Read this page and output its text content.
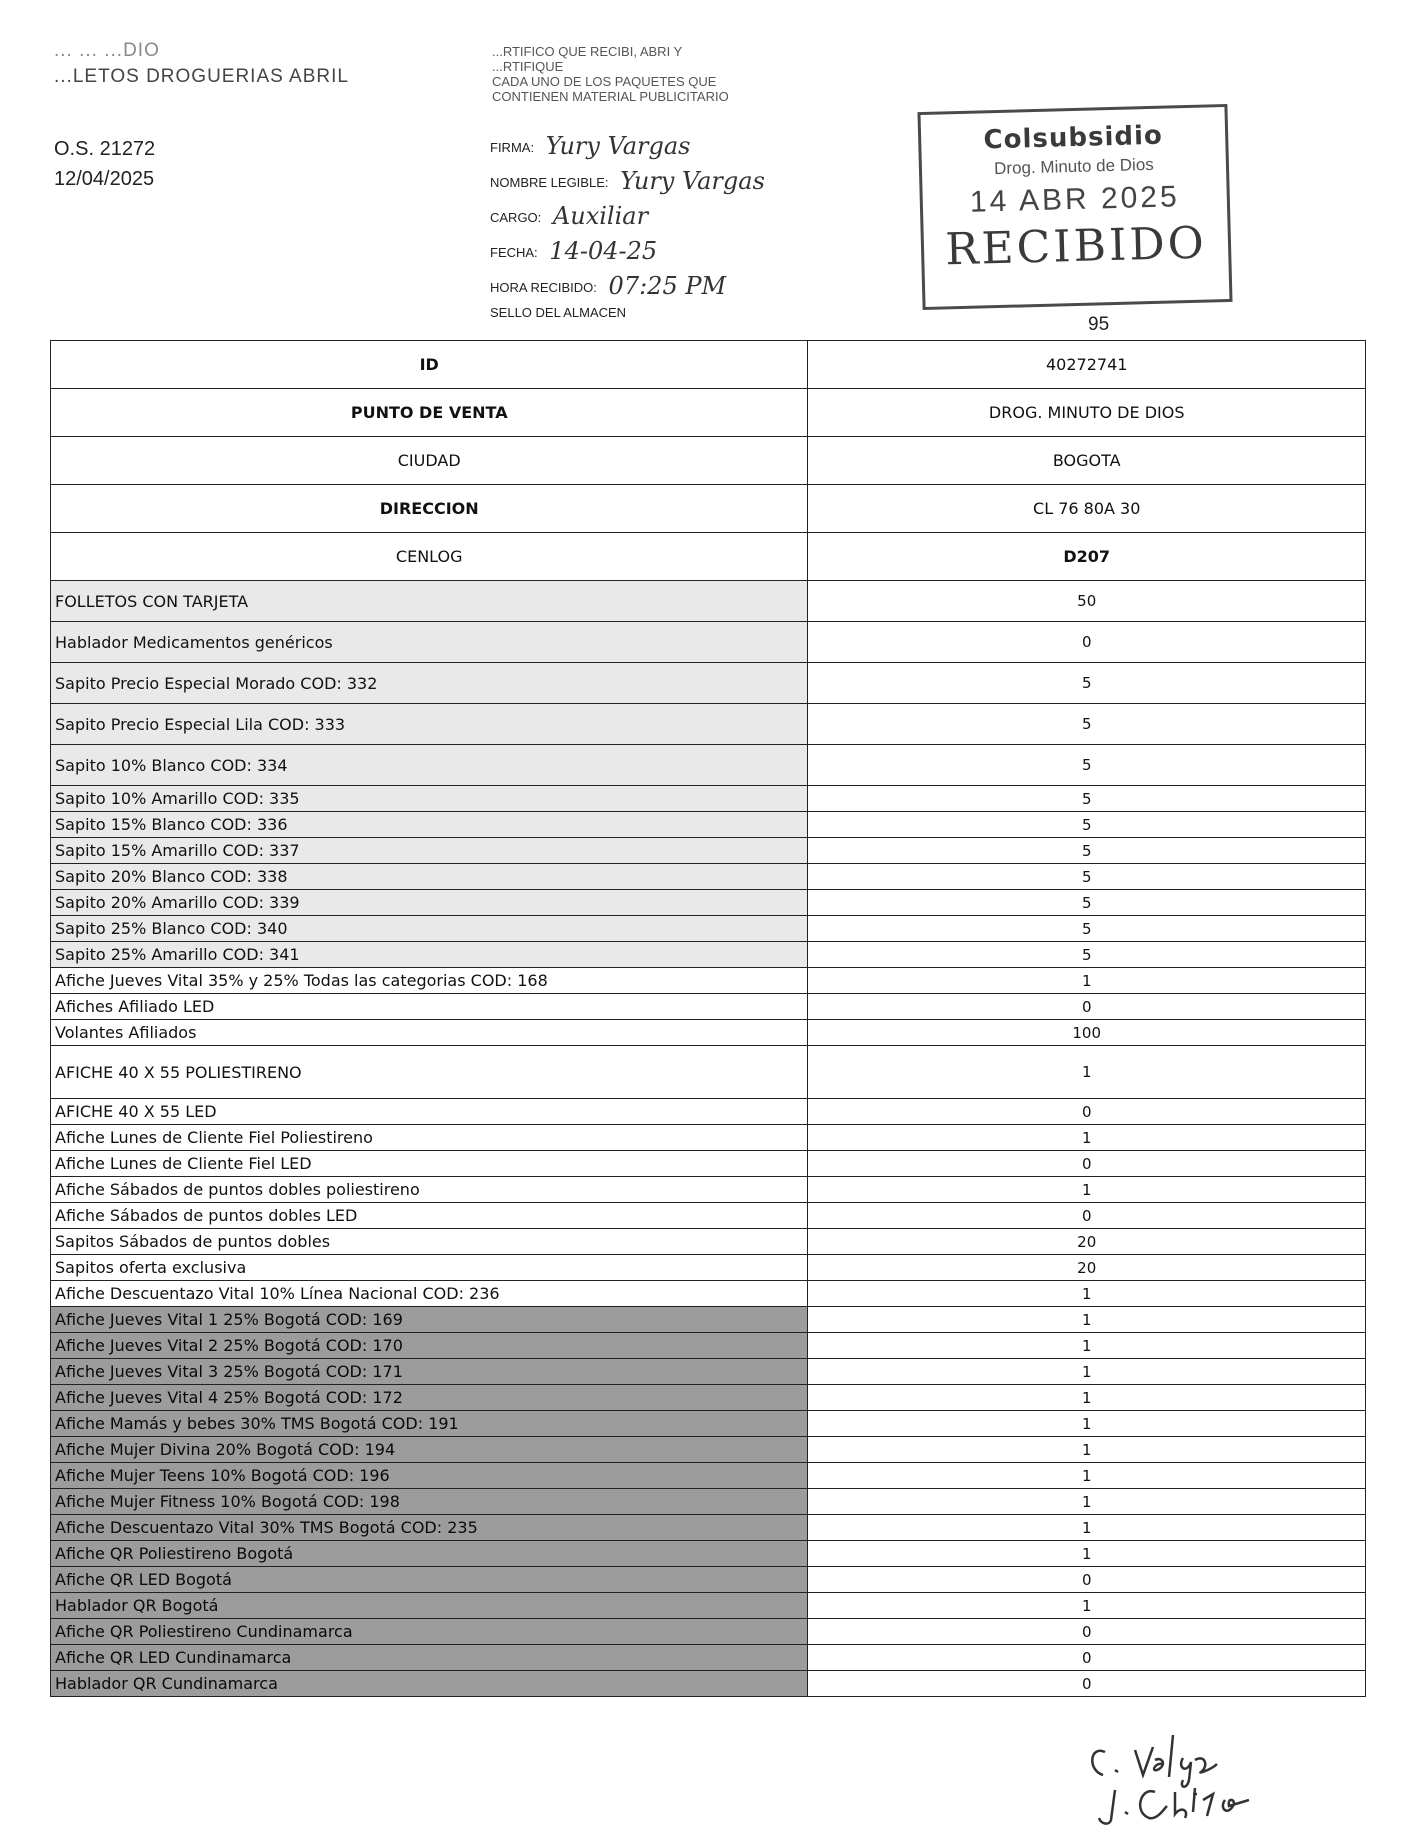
... ... ...DIO
...LETOS DROGUERIAS ABRIL
O.S. 21272
12/04/2025
...RTIFICO QUE RECIBI, ABRI Y
...RTIFIQUE
CADA UNO DE LOS PAQUETES QUE
CONTIENEN MATERIAL PUBLICITARIO
FIRMA: Yury Vargas
NOMBRE LEGIBLE: Yury Vargas
CARGO: Auxiliar
FECHA: 14-04-25
HORA RECIBIDO: 07:25 PM
SELLO DEL ALMACEN
Colsubsidio
Drog. Minuto de Dios
14 ABR 2025
RECIBIDO
95
ID	40272741
PUNTO DE VENTA	DROG. MINUTO DE DIOS
CIUDAD	BOGOTA
DIRECCION	CL 76 80A 30
CENLOG	D207
FOLLETOS CON TARJETA	50
Hablador Medicamentos genéricos	0
Sapito Precio Especial Morado COD: 332	5
Sapito Precio Especial Lila COD: 333	5
Sapito 10% Blanco COD: 334	5
Sapito 10% Amarillo COD: 335	5
Sapito 15% Blanco COD: 336	5
Sapito 15% Amarillo COD: 337	5
Sapito 20% Blanco COD: 338	5
Sapito 20% Amarillo COD: 339	5
Sapito 25% Blanco COD: 340	5
Sapito 25% Amarillo COD: 341	5
Afiche Jueves Vital 35% y 25% Todas las categorias COD: 168	1
Afiches Afiliado LED	0
Volantes Afiliados	100
AFICHE 40 X 55 POLIESTIRENO	1
AFICHE 40 X 55 LED	0
Afiche Lunes de Cliente Fiel Poliestireno	1
Afiche Lunes de Cliente Fiel LED	0
Afiche Sábados de puntos dobles poliestireno	1
Afiche Sábados de puntos dobles LED	0
Sapitos Sábados de puntos dobles	20
Sapitos oferta exclusiva	20
Afiche Descuentazo Vital 10% Línea Nacional COD: 236	1
Afiche Jueves Vital 1 25% Bogotá COD: 169	1
Afiche Jueves Vital 2 25% Bogotá COD: 170	1
Afiche Jueves Vital 3 25% Bogotá COD: 171	1
Afiche Jueves Vital 4 25% Bogotá COD: 172	1
Afiche Mamás y bebes 30% TMS Bogotá COD: 191	1
Afiche Mujer Divina 20% Bogotá COD: 194	1
Afiche Mujer Teens 10% Bogotá COD: 196	1
Afiche Mujer Fitness 10% Bogotá COD: 198	1
Afiche Descuentazo Vital 30% TMS Bogotá COD: 235	1
Afiche QR Poliestireno Bogotá	1
Afiche QR LED Bogotá	0
Hablador QR Bogotá	1
Afiche QR Poliestireno Cundinamarca	0
Afiche QR LED Cundinamarca	0
Hablador QR Cundinamarca	0
